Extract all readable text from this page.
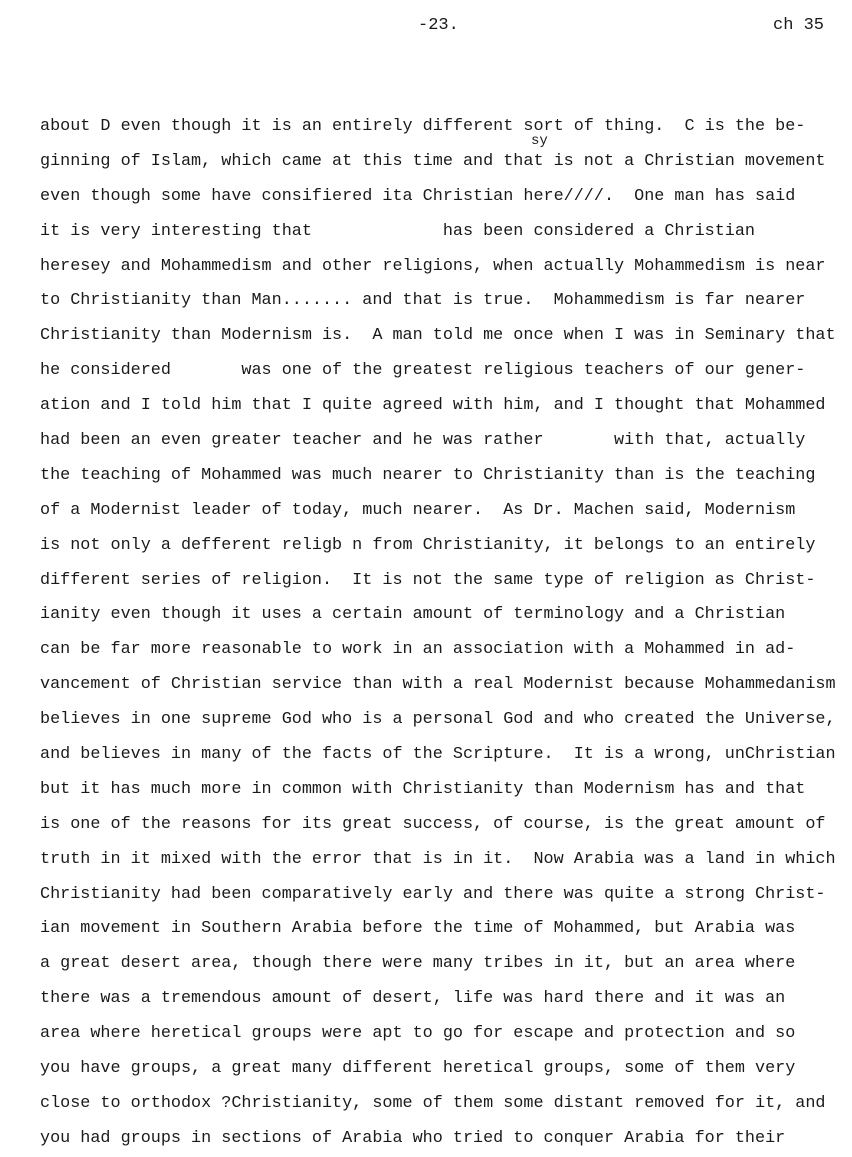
-23.	ch 35
sy
about D even though it is an entirely different sort of thing.  C is the be-
ginning of Islam, which came at this time and that is not a Christian movement
even though some have consifiered ita Christian here////.  One man has said
it is very interesting that             has been considered a Christian
heresey and Mohammedism and other religions, when actually Mohammedism is near
to Christianity than Man....... and that is true.  Mohammedism is far nearer
Christianity than Modernism is.  A man told me once when I was in Seminary that
he considered       was one of the greatest religious teachers of our gener-
ation and I told him that I quite agreed with him, and I thought that Mohammed
had been an even greater teacher and he was rather       with that, actually
the teaching of Mohammed was much nearer to Christianity than is the teaching
of a Modernist leader of today, much nearer.  As Dr. Machen said, Modernism
is not only a defferent religb n from Christianity, it belongs to an entirely
different series of religion.  It is not the same type of religion as Christ-
ianity even though it uses a certain amount of terminology and a Christian
can be far more reasonable to work in an association with a Mohammed in ad-
vancement of Christian service than with a real Modernist because Mohammedanism
believes in one supreme God who is a personal God and who created the Universe,
and believes in many of the facts of the Scripture.  It is a wrong, unChristian
but it has much more in common with Christianity than Modernism has and that
is one of the reasons for its great success, of course, is the great amount of
truth in it mixed with the error that is in it.  Now Arabia was a land in which
Christianity had been comparatively early and there was quite a strong Christ-
ian movement in Southern Arabia before the time of Mohammed, but Arabia was
a great desert area, though there were many tribes in it, but an area where
there was a tremendous amount of desert, life was hard there and it was an
area where heretical groups were apt to go for escape and protection and so
you have groups, a great many different heretical groups, some of them very
close to orthodox ?Christianity, some of them some distant removed for it, and
you had groups in sections of Arabia who tried to conquer Arabia for their
